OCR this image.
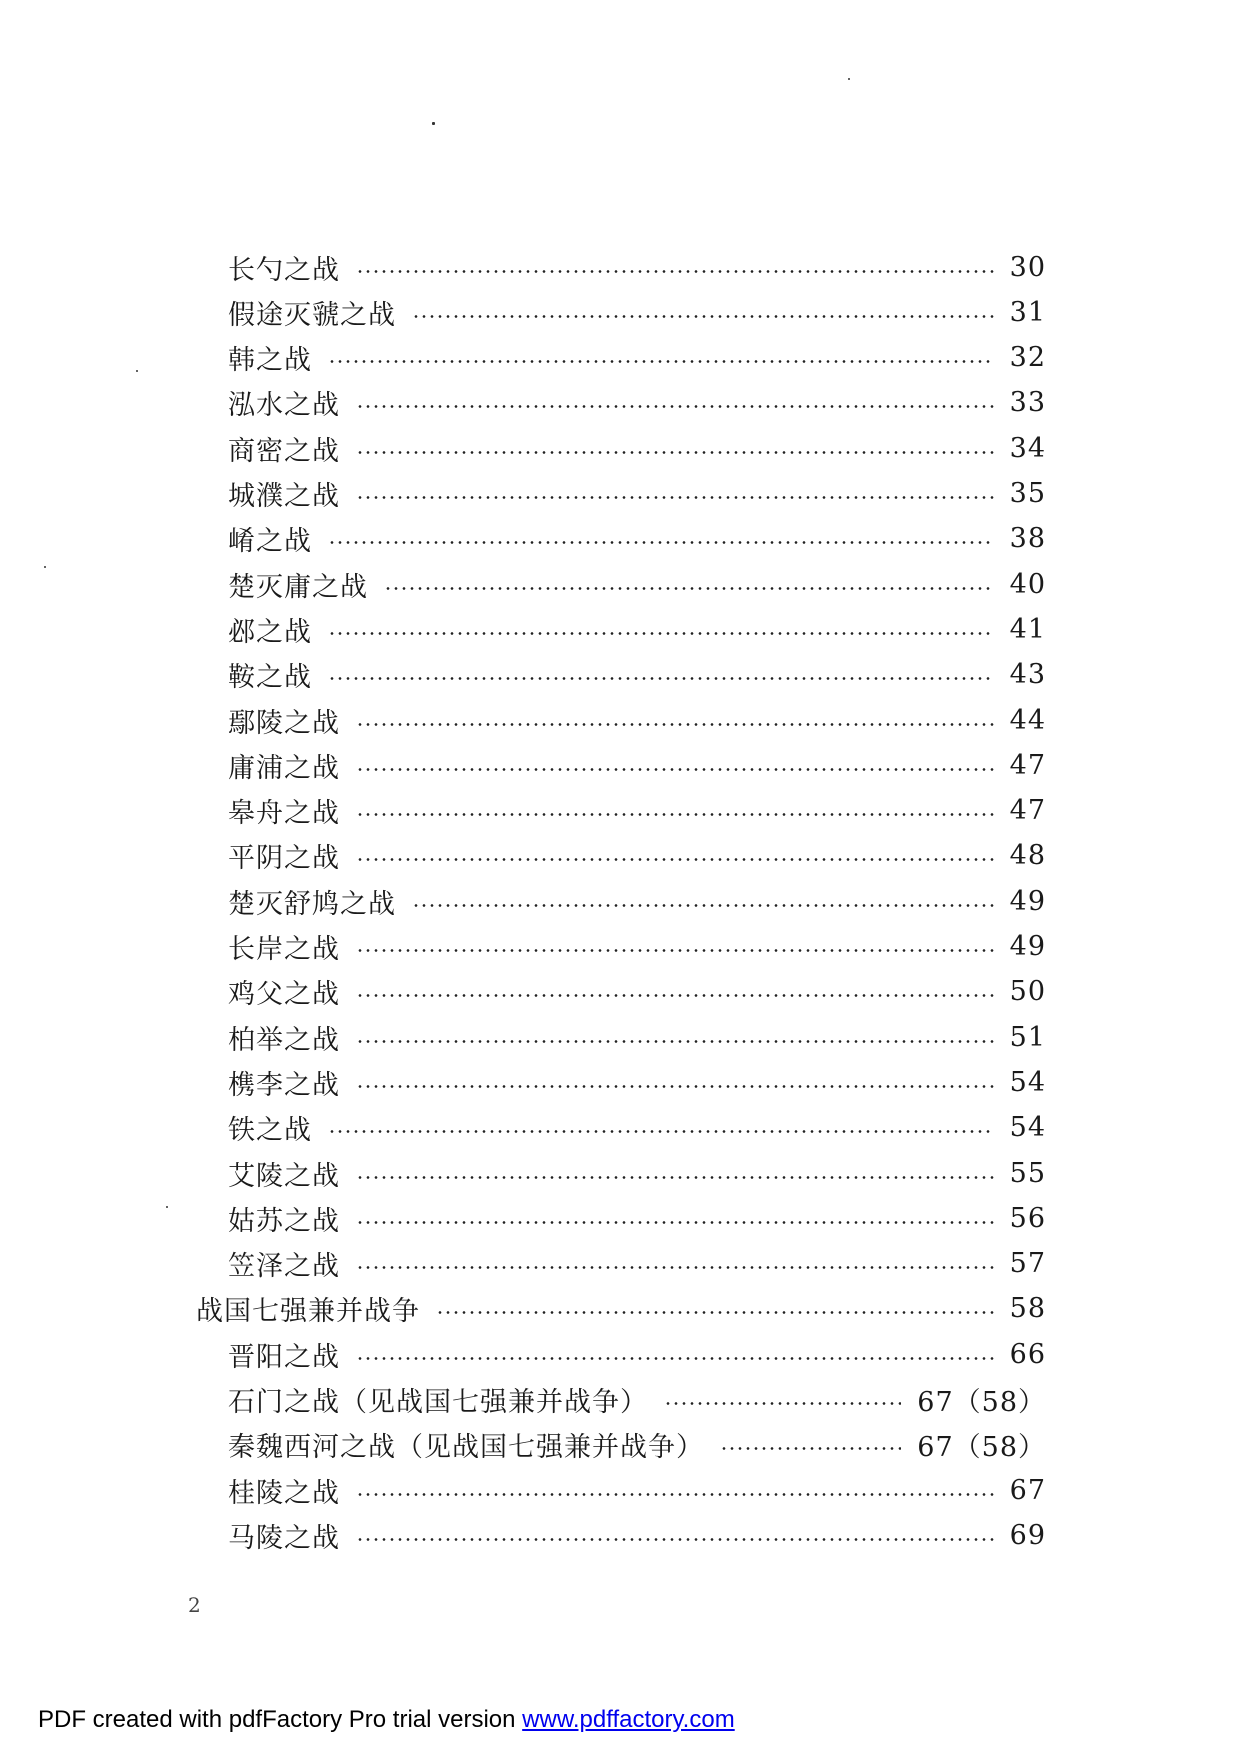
长勺之战	30
假途灭虢之战	31
韩之战	32
泓水之战	33
商密之战	34
城濮之战	35
崤之战	38
楚灭庸之战	40
邲之战	41
鞍之战	43
鄢陵之战	44
庸浦之战	47
皋舟之战	47
平阴之战	48
楚灭舒鸠之战	49
长岸之战	49
鸡父之战	50
柏举之战	51
槜李之战	54
铁之战	54
艾陵之战	55
姑苏之战	56
笠泽之战	57
战国七强兼并战争	58
晋阳之战	66
石门之战（见战国七强兼并战争）	67（58）
秦魏西河之战（见战国七强兼并战争）	67（58）
桂陵之战	67
马陵之战	69
2
PDF created with pdfFactory Pro trial version www.pdffactory.com
